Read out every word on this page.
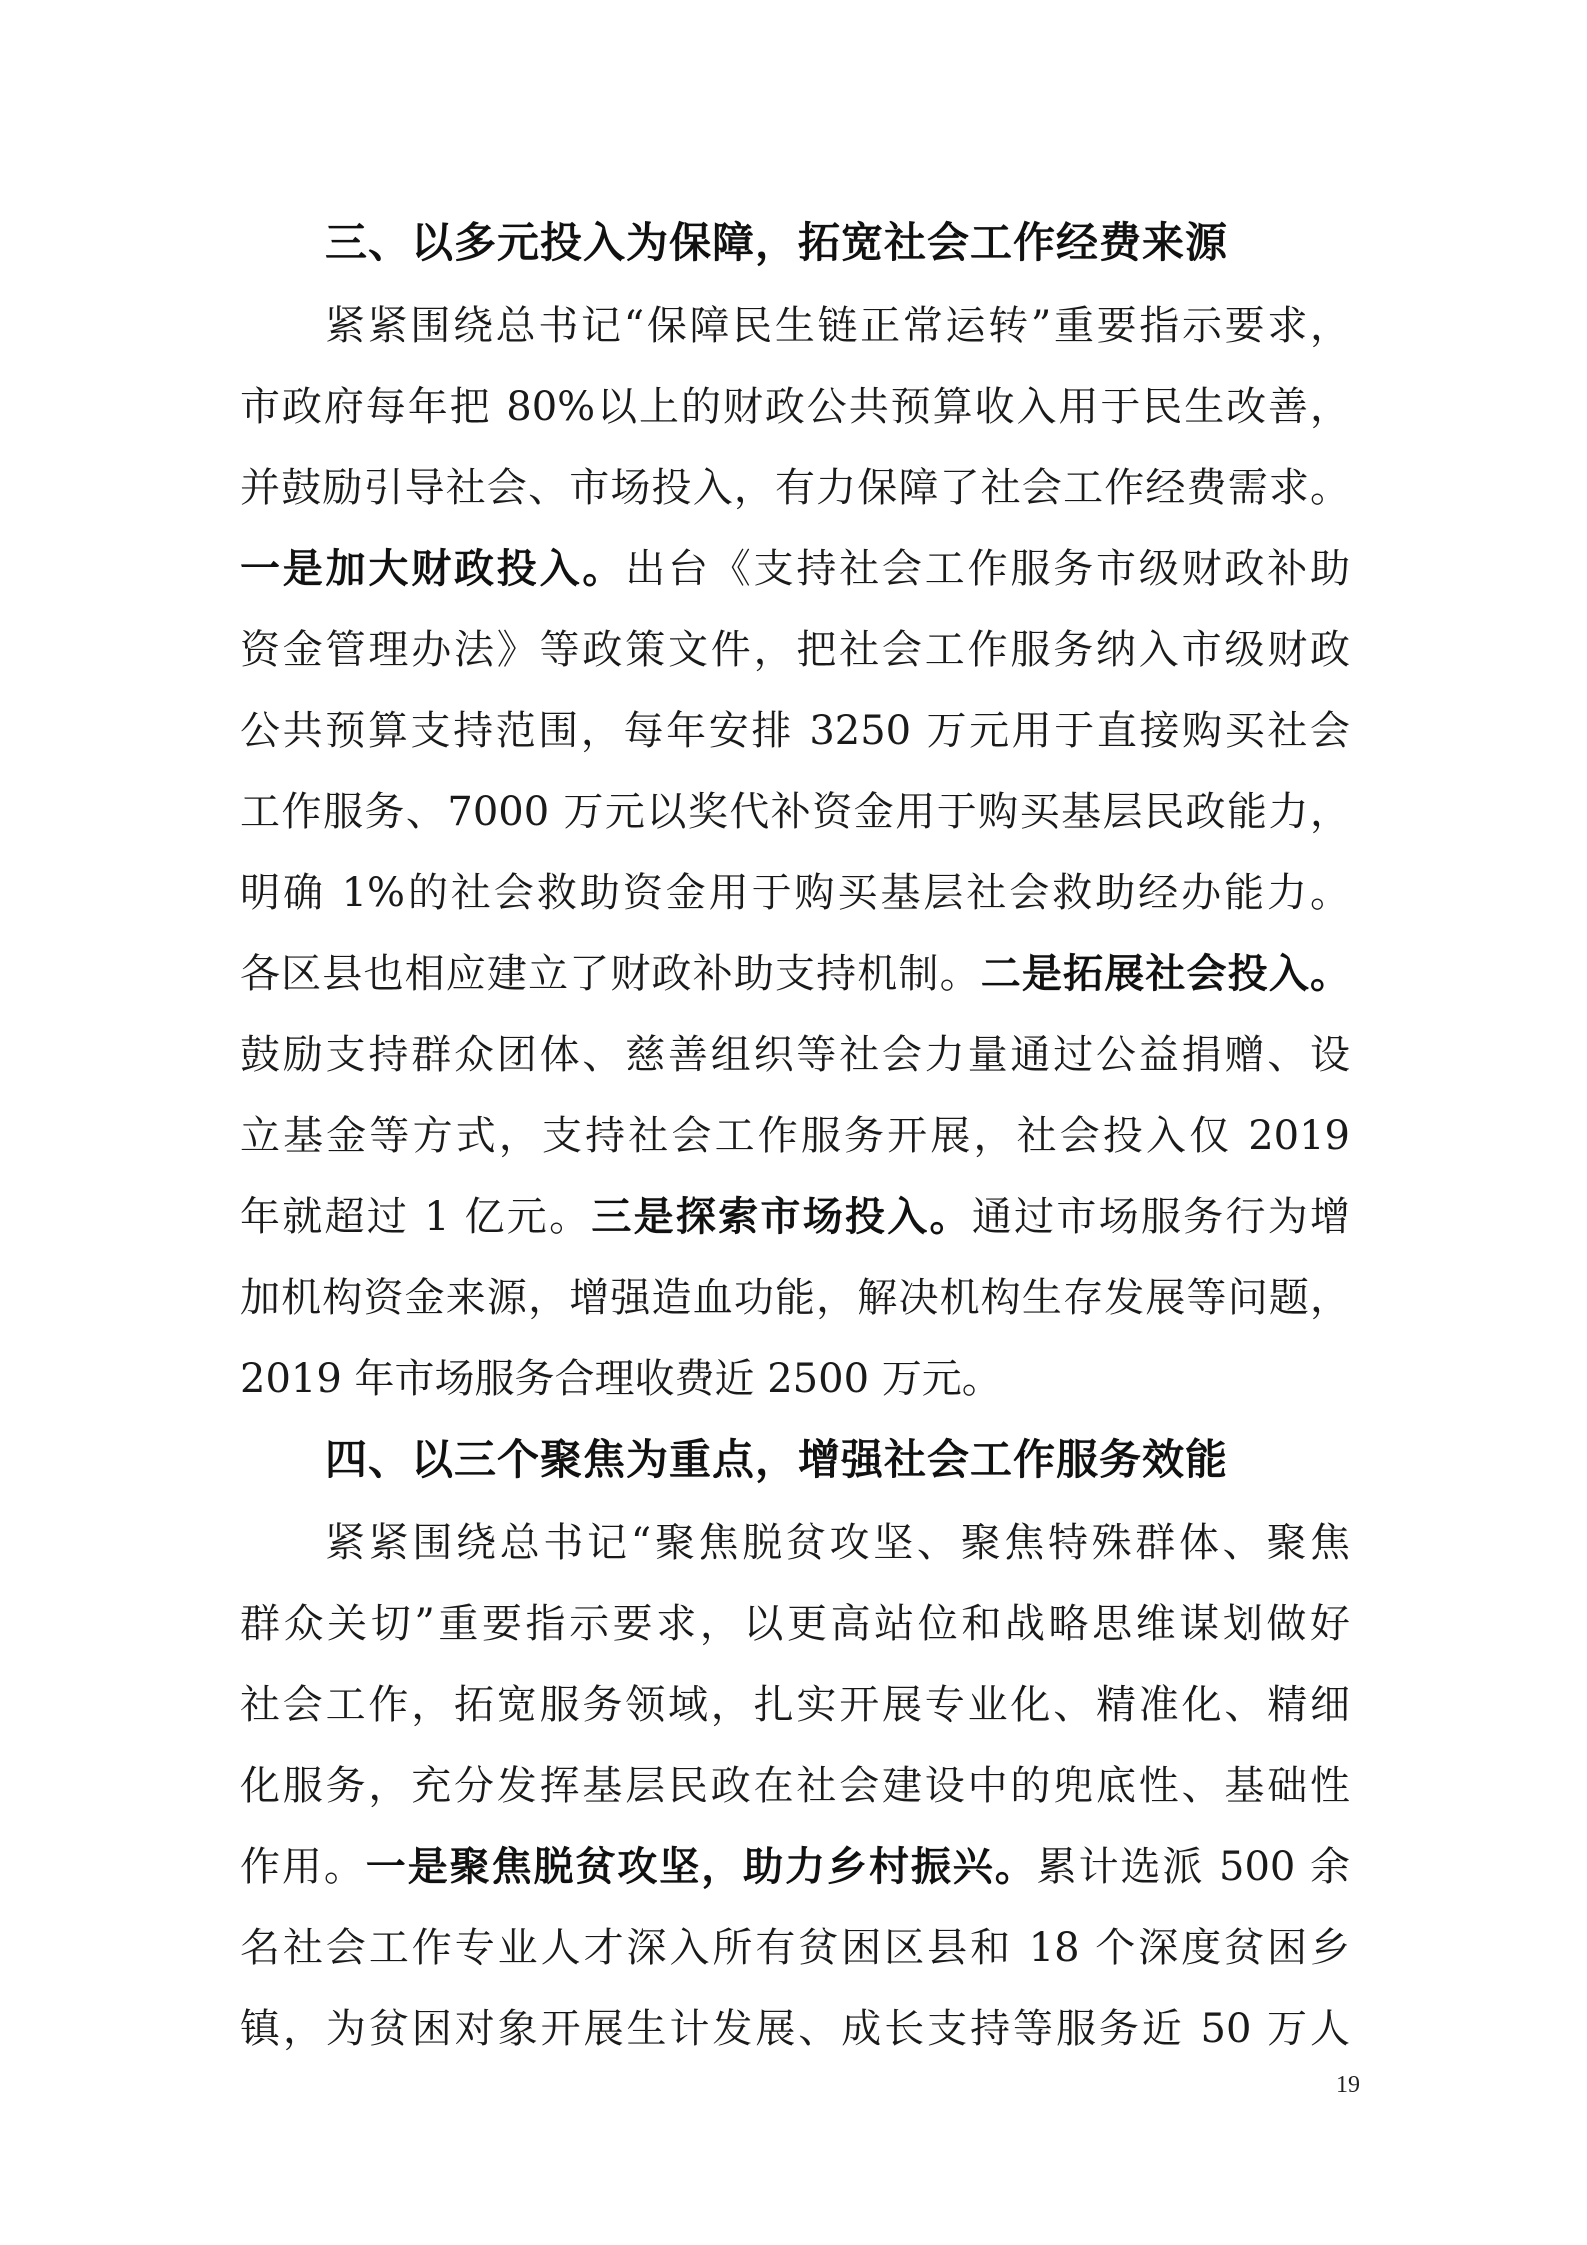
三、以多元投入为保障，拓宽社会工作经费来源
紧紧围绕总书记“保障民生链正常运转”重要指示要求，
市政府每年把 80%以上的财政公共预算收入用于民生改善，
并鼓励引导社会、市场投入，有力保障了社会工作经费需求。
一是加大财政投入。出台《支持社会工作服务市级财政补助
资金管理办法》等政策文件，把社会工作服务纳入市级财政
公共预算支持范围，每年安排 3250 万元用于直接购买社会
工作服务、7000 万元以奖代补资金用于购买基层民政能力，
明确 1%的社会救助资金用于购买基层社会救助经办能力。
各区县也相应建立了财政补助支持机制。二是拓展社会投入。
鼓励支持群众团体、慈善组织等社会力量通过公益捐赠、设
立基金等方式，支持社会工作服务开展，社会投入仅 2019
年就超过 1 亿元。三是探索市场投入。通过市场服务行为增
加机构资金来源，增强造血功能，解决机构生存发展等问题，
2019 年市场服务合理收费近 2500 万元。
四、以三个聚焦为重点，增强社会工作服务效能
紧紧围绕总书记“聚焦脱贫攻坚、聚焦特殊群体、聚焦
群众关切”重要指示要求，以更高站位和战略思维谋划做好
社会工作，拓宽服务领域，扎实开展专业化、精准化、精细
化服务，充分发挥基层民政在社会建设中的兜底性、基础性
作用。一是聚焦脱贫攻坚，助力乡村振兴。累计选派 500 余
名社会工作专业人才深入所有贫困区县和 18 个深度贫困乡
镇，为贫困对象开展生计发展、成长支持等服务近 50 万人
19
